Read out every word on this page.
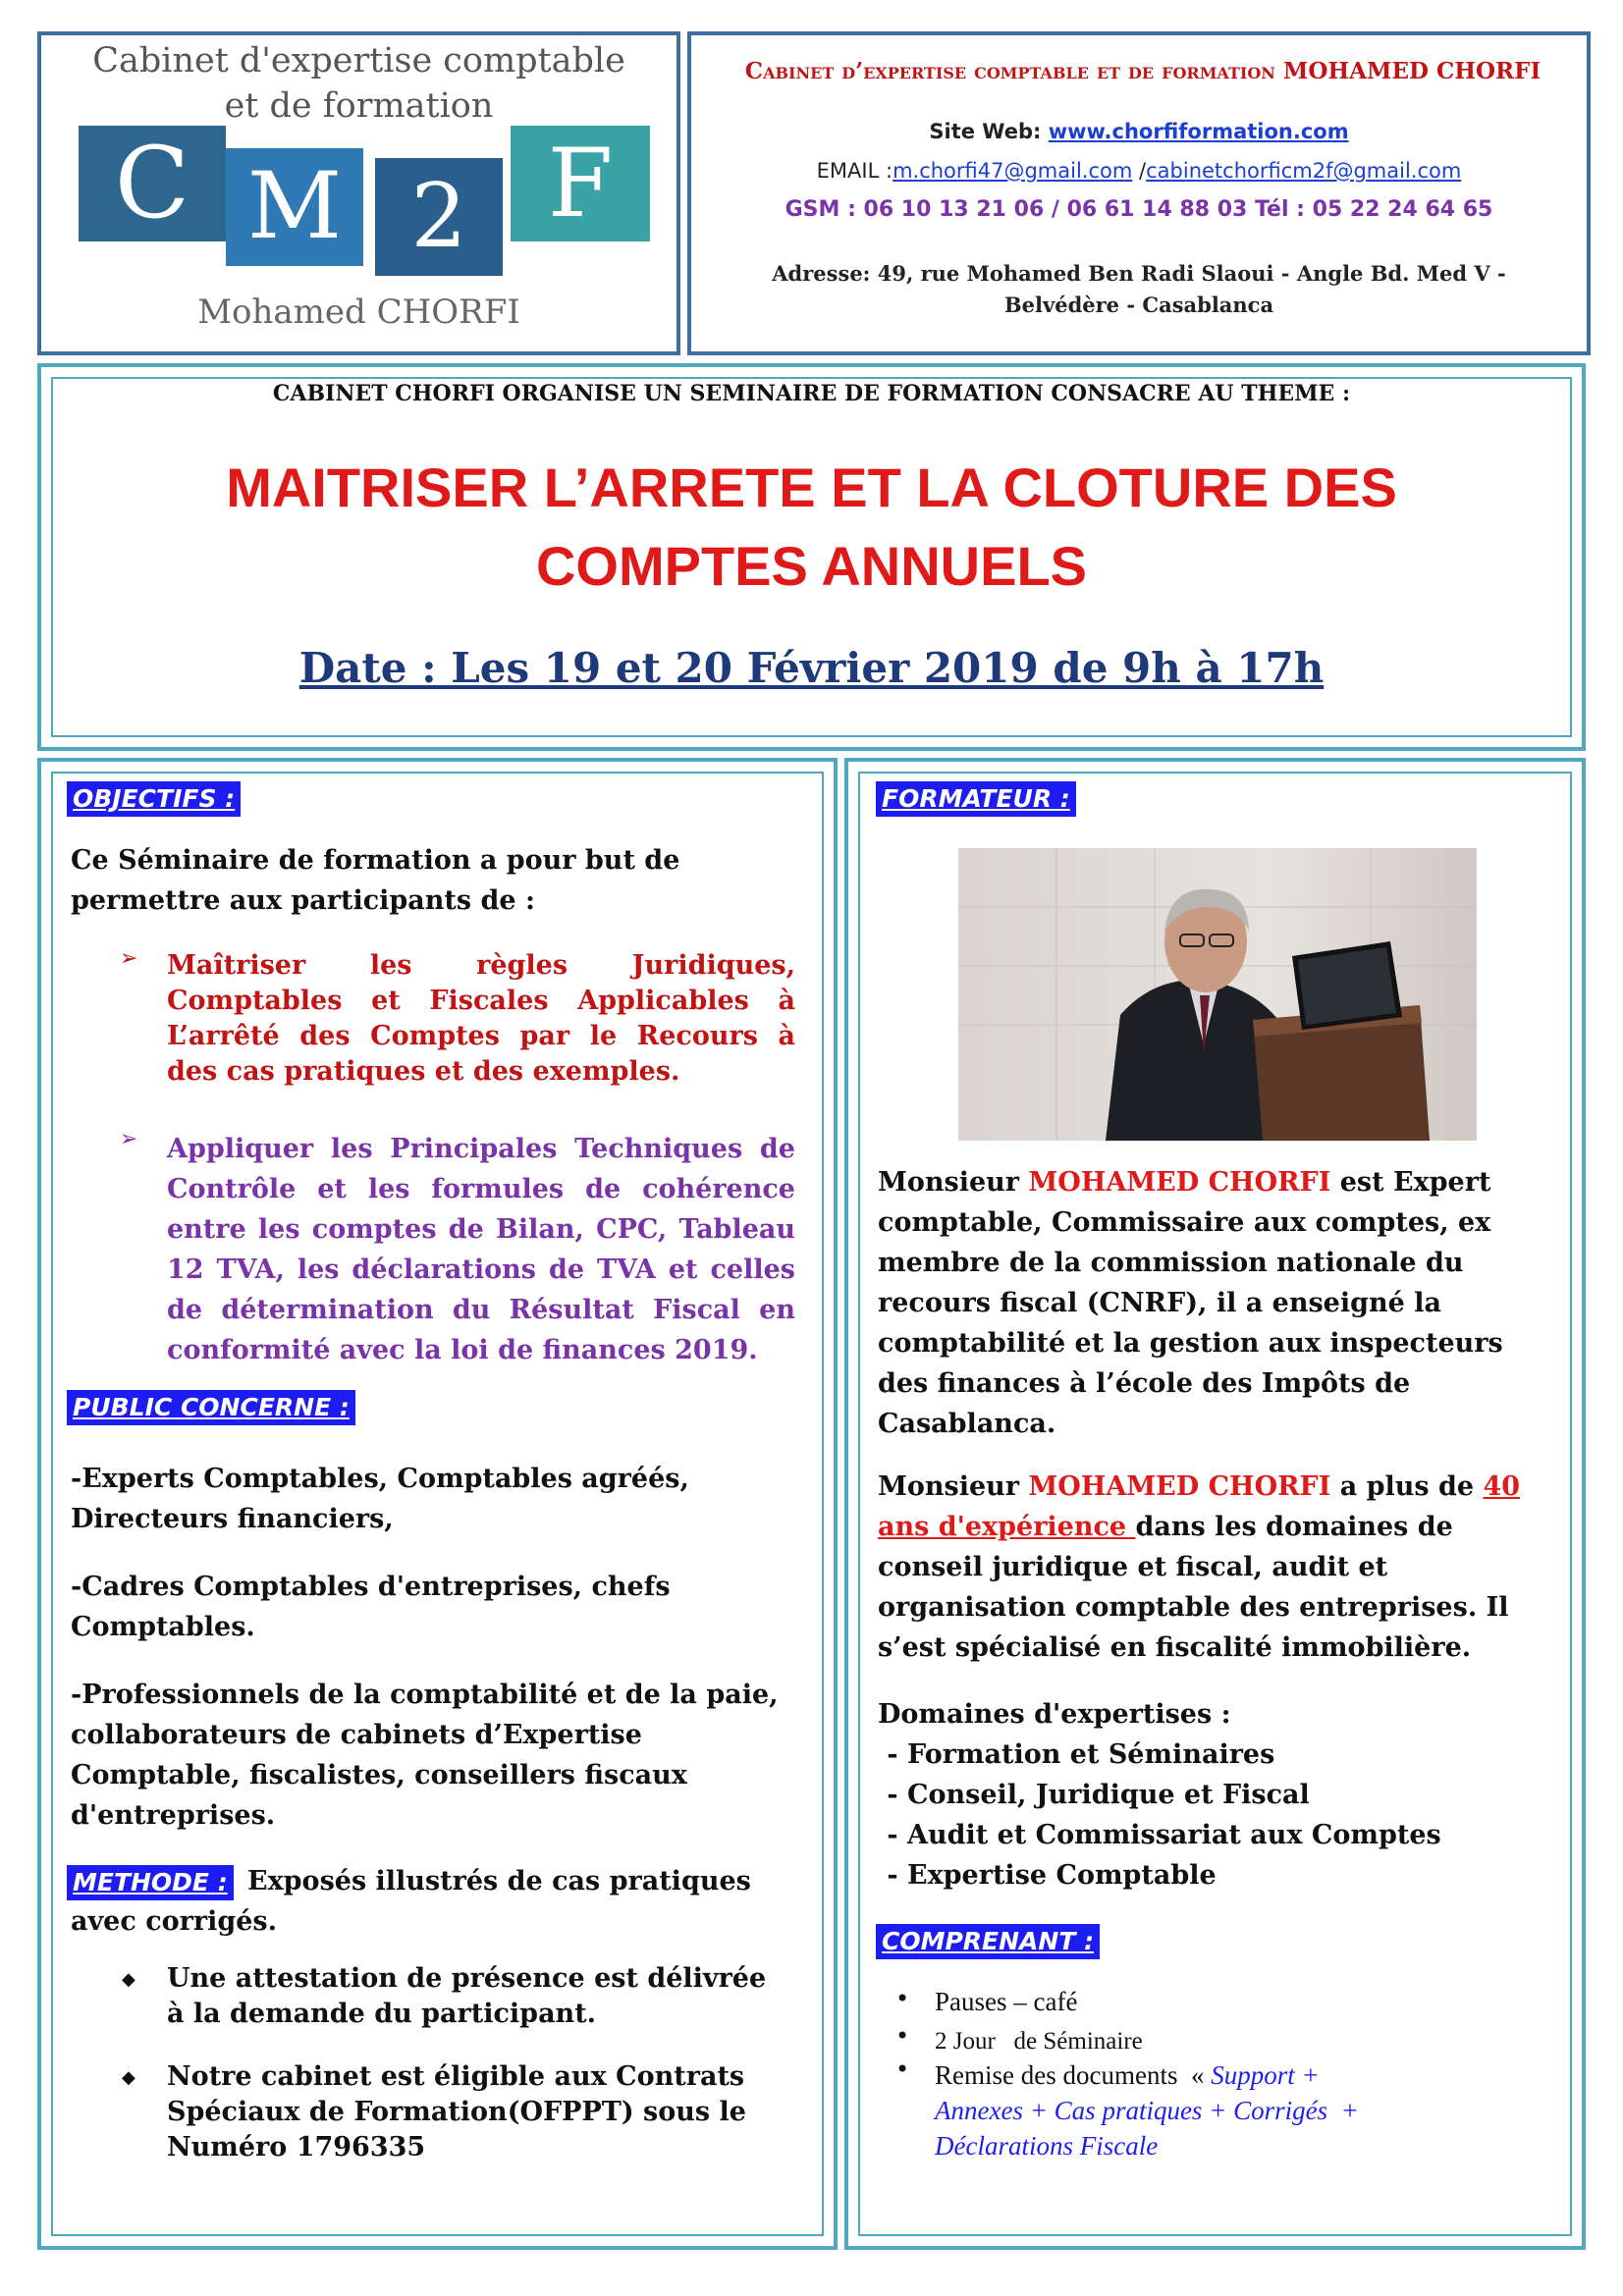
Cabinet d'expertise comptable
et de formation
C M 2 F
Mohamed CHORFI
Cabinet d’expertise comptable et de formation MOHAMED CHORFI
Site Web: www.chorfiformation.com
EMAIL :m.chorfi47@gmail.com /cabinetchorficm2f@gmail.com
GSM : 06 10 13 21 06 / 06 61 14 88 03 Tél : 05 22 24 64 65
Adresse: 49, rue Mohamed Ben Radi Slaoui - Angle Bd. Med V -
Belvédère - Casablanca
CABINET CHORFI ORGANISE UN SEMINAIRE DE FORMATION CONSACRE AU THEME :
MAITRISER L’ARRETE ET LA CLOTURE DES
COMPTES ANNUELS
Date : Les 19 et 20 Février 2019 de 9h à 17h
OBJECTIFS :
Ce Séminaire de formation a pour but de
permettre aux participants de :
➢ Maîtriser les règles Juridiques,
Comptables et Fiscales Applicables à
L’arrêté des Comptes par le Recours à
des cas pratiques et des exemples.
➢ Appliquer les Principales Techniques de
Contrôle et les formules de cohérence
entre les comptes de Bilan, CPC, Tableau
12 TVA, les déclarations de TVA et celles
de détermination du Résultat Fiscal en
conformité avec la loi de finances 2019.
PUBLIC CONCERNE :
-Experts Comptables, Comptables agréés,
Directeurs financiers,
-Cadres Comptables d'entreprises, chefs
Comptables.
-Professionnels de la comptabilité et de la paie,
collaborateurs de cabinets d’Expertise
Comptable, fiscalistes, conseillers fiscaux
d'entreprises.
METHODE : Exposés illustrés de cas pratiques
avec corrigés.
◆ Une attestation de présence est délivrée
à la demande du participant.
◆ Notre cabinet est éligible aux Contrats
Spéciaux de Formation(OFPPT) sous le
Numéro 1796335
FORMATEUR :
Monsieur MOHAMED CHORFI est Expert
comptable, Commissaire aux comptes, ex
membre de la commission nationale du
recours fiscal (CNRF), il a enseigné la
comptabilité et la gestion aux inspecteurs
des finances à l’école des Impôts de
Casablanca.
Monsieur MOHAMED CHORFI a plus de 40
ans d'expérience dans les domaines de
conseil juridique et fiscal, audit et
organisation comptable des entreprises. Il
s’est spécialisé en fiscalité immobilière.
Domaines d'expertises :
- Formation et Séminaires
- Conseil, Juridique et Fiscal
- Audit et Commissariat aux Comptes
- Expertise Comptable
COMPRENANT :
• Pauses – café
• 2 Jour   de Séminaire
• Remise des documents  « Support +
Annexes + Cas pratiques + Corrigés  +
Déclarations Fiscale
